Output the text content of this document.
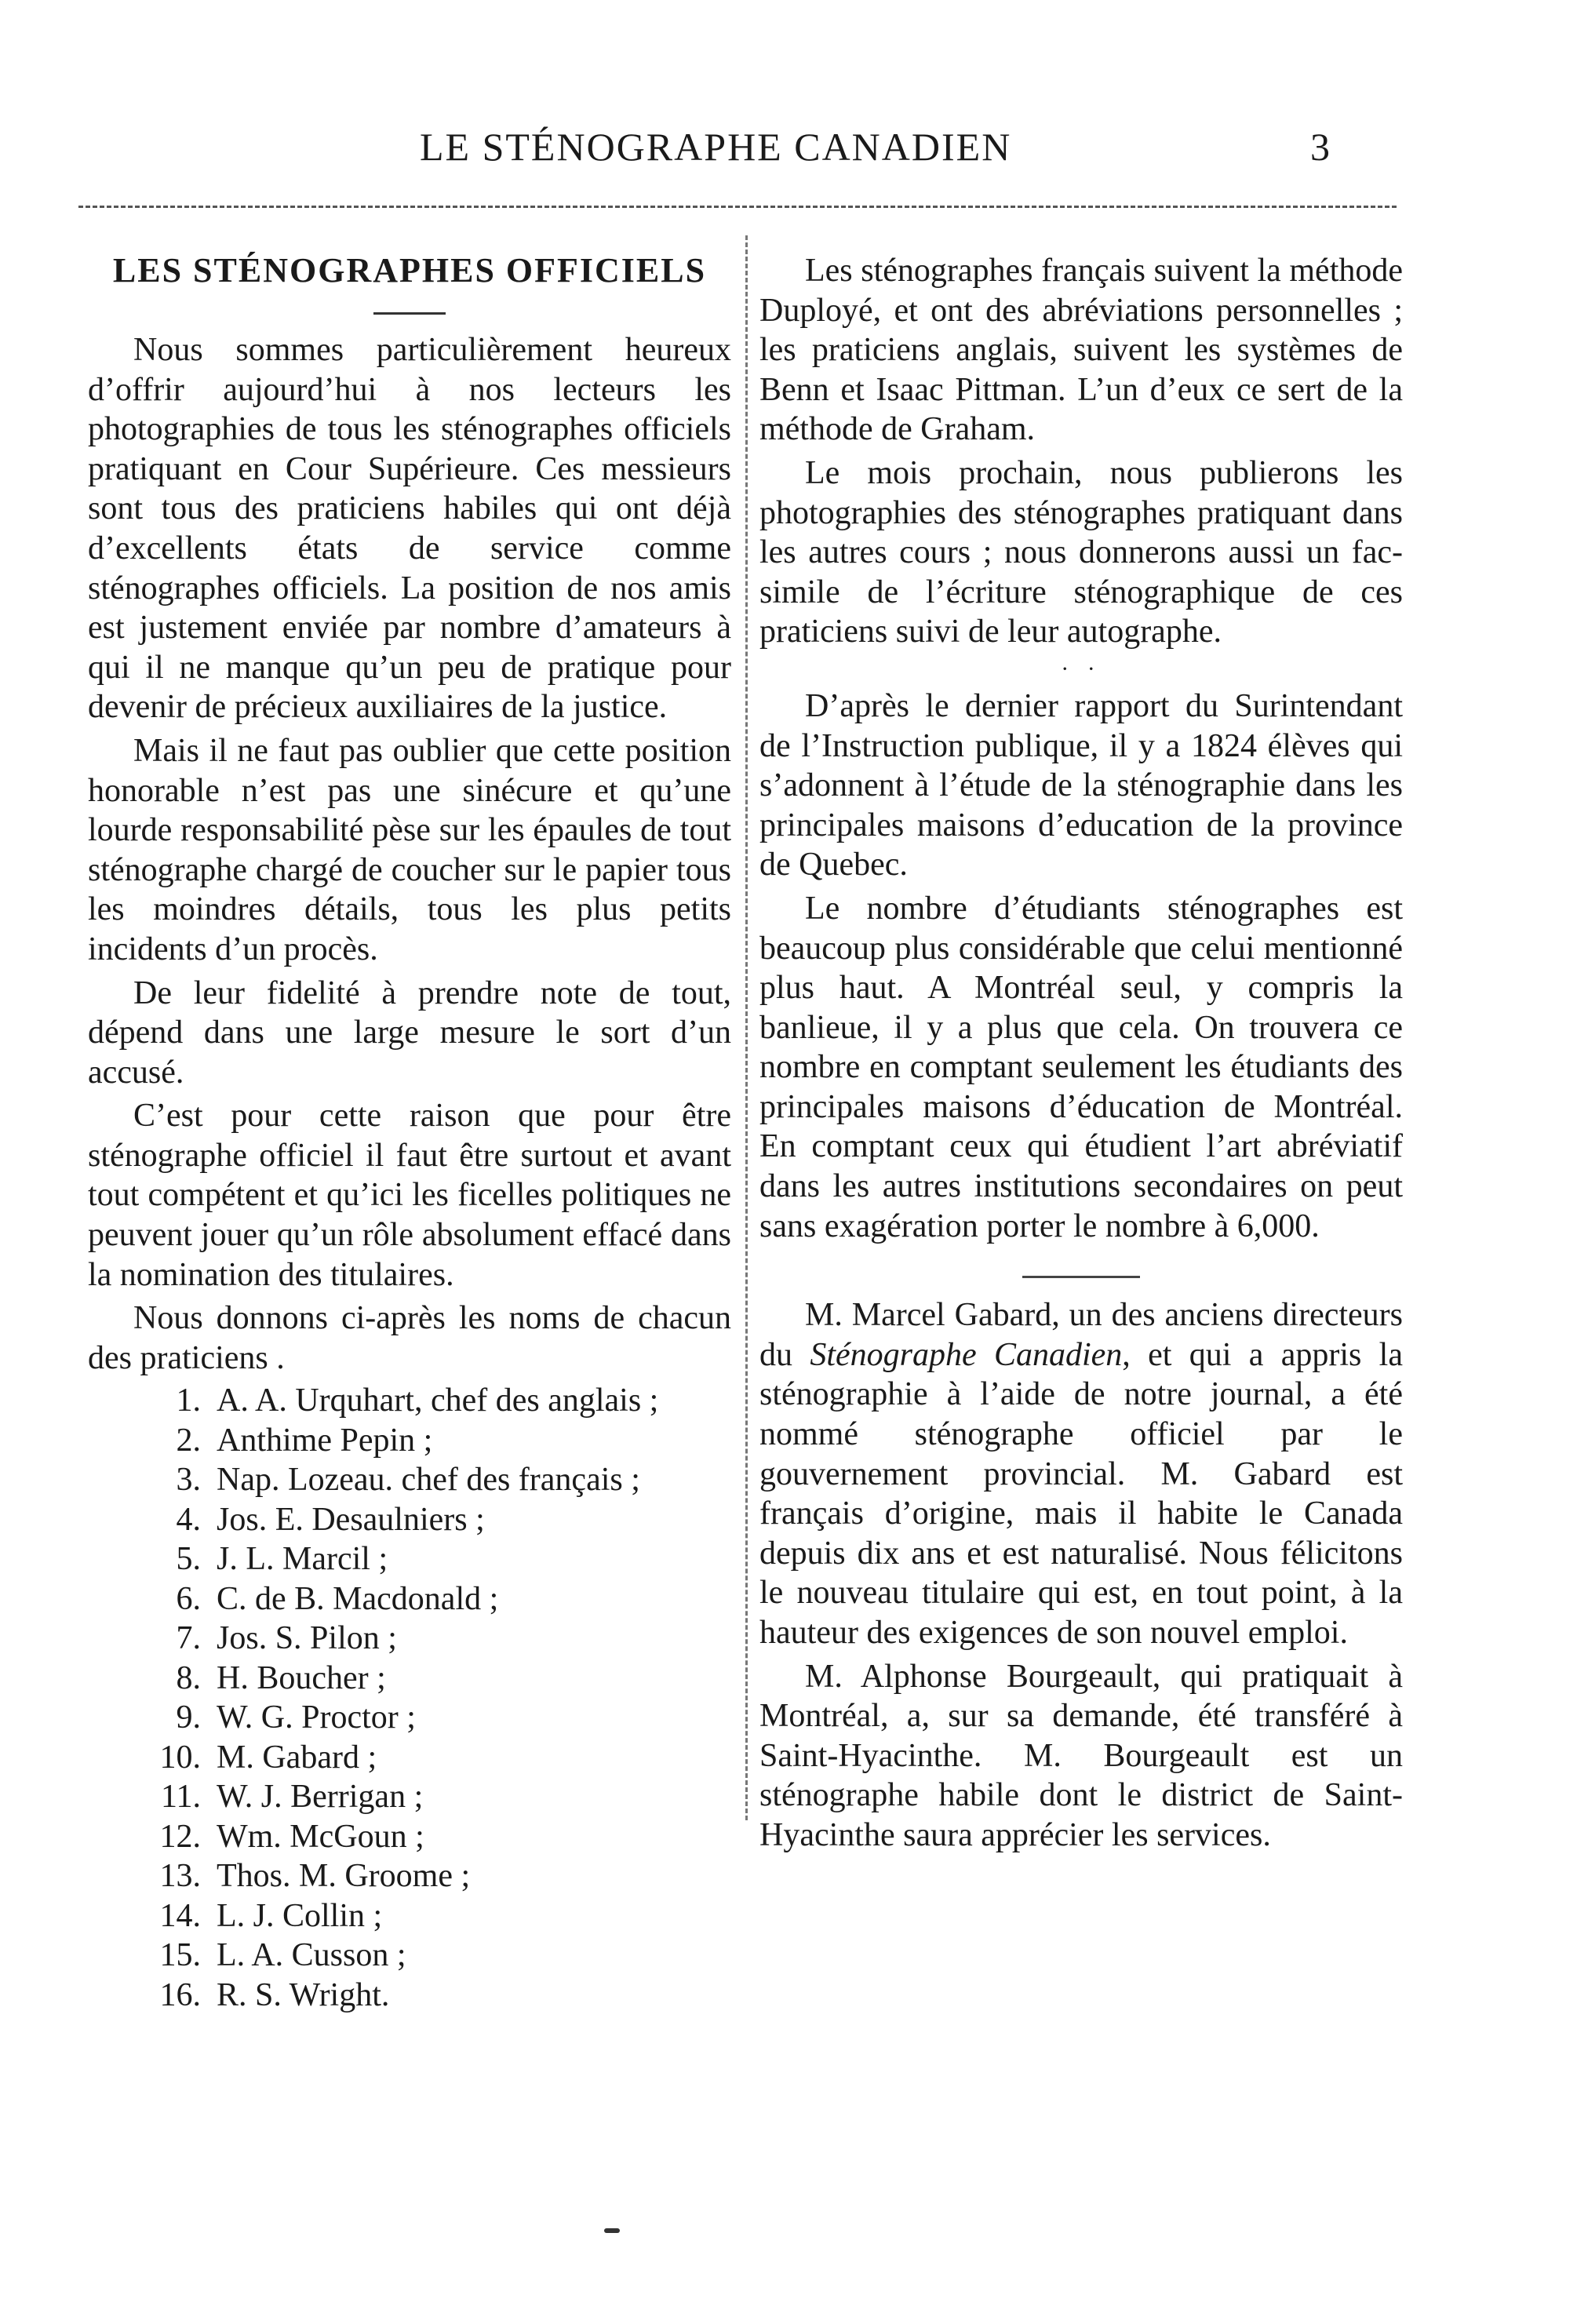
LE STÉNOGRAPHE CANADIEN	3
LES STÉNOGRAPHES OFFICIELS

Nous sommes particulièrement heureux d’offrir aujourd’hui à nos lecteurs les photographies de tous les sténographes officiels pratiquant en Cour Supérieure. Ces messieurs sont tous des praticiens habiles qui ont déjà d’excellents états de service comme sténographes officiels. La position de nos amis est justement enviée par nombre d’amateurs à qui il ne manque qu’un peu de pratique pour devenir de précieux auxiliaires de la justice.

Mais il ne faut pas oublier que cette position honorable n’est pas une sinécure et qu’une lourde responsabilité pèse sur les épaules de tout sténographe chargé de coucher sur le papier tous les moindres détails, tous les plus petits incidents d’un procès.

De leur fidelité à prendre note de tout, dépend dans une large mesure le sort d’un accusé.

C’est pour cette raison que pour être sténographe officiel il faut être surtout et avant tout compétent et qu’ici les ficelles politiques ne peuvent jouer qu’un rôle absolument effacé dans la nomination des titulaires.

Nous donnons ci-après les noms de chacun des praticiens .

1. A. A. Urquhart, chef des anglais ;
2. Anthime Pepin ;
3. Nap. Lozeau. chef des français ;
4. Jos. E. Desaulniers ;
5. J. L. Marcil ;
6. C. de B. Macdonald ;
7. Jos. S. Pilon ;
8. H. Boucher ;
9. W. G. Proctor ;
10. M. Gabard ;
11. W. J. Berrigan ;
12. Wm. McGoun ;
13. Thos. M. Groome ;
14. L. J. Collin ;
15. L. A. Cusson ;
16. R. S. Wright.

Les sténographes français suivent la méthode Duployé, et ont des abréviations personnelles ; les praticiens anglais, suivent les systèmes de Benn et Isaac Pittman. L’un d’eux ce sert de la méthode de Graham.

Le mois prochain, nous publierons les photographies des sténographes pratiquant dans les autres cours ; nous donnerons aussi un fac-simile de l’écriture sténographique de ces praticiens suivi de leur autographe.

· ·

D’après le dernier rapport du Surintendant de l’Instruction publique, il y a 1824 élèves qui s’adonnent à l’étude de la sténographie dans les principales maisons d’education de la province de Quebec.

Le nombre d’étudiants sténographes est beaucoup plus considérable que celui mentionné plus haut. A Montréal seul, y compris la banlieue, il y a plus que cela. On trouvera ce nombre en comptant seulement les étudiants des principales maisons d’éducation de Montréal. En comptant ceux qui étudient l’art abréviatif dans les autres institutions secondaires on peut sans exagération porter le nombre à 6,000.

M. Marcel Gabard, un des anciens directeurs du Sténographe Canadien, et qui a appris la sténographie à l’aide de notre journal, a été nommé sténographe officiel par le gouvernement provincial. M. Gabard est français d’origine, mais il habite le Canada depuis dix ans et est naturalisé. Nous félicitons le nouveau titulaire qui est, en tout point, à la hauteur des exigences de son nouvel emploi.

M. Alphonse Bourgeault, qui pratiquait à Montréal, a, sur sa demande, été transféré à Saint-Hyacinthe. M. Bourgeault est un sténographe habile dont le district de Saint-Hyacinthe saura apprécier les services.
